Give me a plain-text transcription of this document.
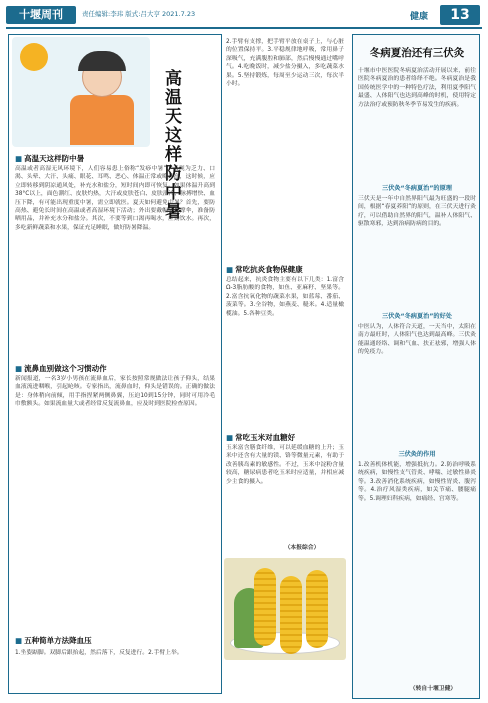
十堰周刊	责任编辑:李玮 版式:吕大亨 2021.7.23	健康	13
高温天这样防中暑
■ 高温天这样防中暑
高温或者高湿无风环境下，人们容易患上俗称“发痧中暑”，表现为乏力、口渴、头晕、大汗、头痛、眼花、耳鸣、恶心、体温正常或略升高，这时候，应立即转移到阴凉通风处，补充水和盐分，短时间内即可恢复。如果体温升高到38°C以上，面色潮红、皮肤灼热，大汗或皮肤苍白、皮肤湿冷、脉搏增快、血压下降，有可能出现重度中暑，需立即就医。夏天如何避免中暑？首先，要防高热、避免长时间在高温或者高湿环境下活动；外出要戴帽子、撑伞，准备防晒用品，并补充水分和盐分。其次，不要等到口渴再喝水，应勤饮水。再次，多吃新鲜蔬菜和水果，保证充足睡眠，做好防暑降温。
■ 流鼻血别做这个习惯动作
新闻报道，一名3岁小男孩在流鼻血后，家长按照常规做法让孩子仰头，结果血液流进咽喉，引起呛咳。专家指出，流鼻血时，仰头是错误的。正确的做法是：身体稍向前倾，用手指捏紧两侧鼻翼，压迫10到15分钟，同时可用冷毛巾敷额头。如果流血量大或者经常反复流鼻血，应及时到医院检查原因。
■ 五种简单方法降血压
1.坐姿踮脚。双脚后跟抬起，然后落下，反复进行。2.手臂上举。
2.手臂有支撑，把手臂平放在桌子上，与心脏的位置保持平。3.平稳规律地呼吸，常用鼻子深吸气，充满腹腔和肺部，然后慢慢通过嘴呼气。4.吃晚饭时，减少盐分摄入，多吃蔬菜水果。5.坚持锻炼，每周至少运动三次，每次半小时。
■ 常吃抗炎食物保健康
总结起来，抗炎食物主要有以下几类：1.富含Ω-3脂肪酸的食物，如鱼、亚麻籽、坚果等。2.富含抗氧化物的蔬菜水果，如蓝莓、番茄、菠菜等。3.全谷物，如燕麦、糙米。4.适量橄榄油。5.各种豆类。
■ 常吃玉米对血糖好
玉米富含膳食纤维，可以延缓血糖的上升；玉米中还含有大量的镁、铬等微量元素，有助于改善胰岛素的敏感性。不过，玉米中淀粉含量较高，糖尿病患者吃玉米时应适量，并相应减少主食的摄入。
（本报综合）
冬病夏治还有三伏灸
十堰市中医医院冬病夏治活动开展以来，前往医院冬病夏治的患者络绎不绝。冬病夏治是我国传统医学中的一种特色疗法，利用夏季阳气最盛、人体阳气也达到高峰的时机，使用特定方法治疗或预防秋冬季节易发生的疾病。
三伏灸“冬病夏治”的原理
三伏天是一年中自然界阳气最为旺盛的一段时间，根据“春夏养阳”的原则，在三伏天进行灸疗，可以借助自然界的阳气，温补人体阳气、驱散寒邪，达到治病防病的目的。
三伏灸“冬病夏治”的好处
中医认为，人体符合天道，一天当中，太阳在南方最旺时，人体阳气也达到最高峰。三伏灸能温通经络、调和气血、扶正祛邪，增强人体的免疫力。
三伏灸的作用
1.改善机体机能，增强抵抗力。2.防治呼吸系统疾病，如慢性支气管炎、哮喘、过敏性鼻炎等。3.改善消化系统疾病，如慢性胃炎、腹泻等。4.治疗风湿类疾病，如关节痛、腰腿痛等。5.调理妇科疾病，如痛经、宫寒等。
（转自十堰卫健）
